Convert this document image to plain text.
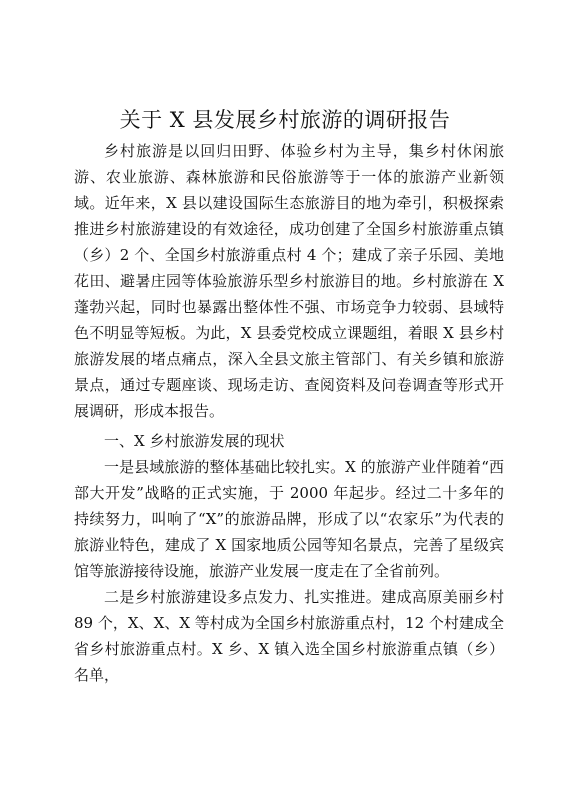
关于 X 县发展乡村旅游的调研报告

乡村旅游是以回归田野、体验乡村为主导，集乡村休闲旅游、农业旅游、森林旅游和民俗旅游等于一体的旅游产业新领域。近年来，X 县以建设国际生态旅游目的地为牵引，积极探索推进乡村旅游建设的有效途径，成功创建了全国乡村旅游重点镇（乡）2 个、全国乡村旅游重点村 4 个；建成了亲子乐园、美地花田、避暑庄园等体验旅游乐型乡村旅游目的地。乡村旅游在 X 蓬勃兴起，同时也暴露出整体性不强、市场竞争力较弱、县域特色不明显等短板。为此，X 县委党校成立课题组，着眼 X 县乡村旅游发展的堵点痛点，深入全县文旅主管部门、有关乡镇和旅游景点，通过专题座谈、现场走访、查阅资料及问卷调查等形式开展调研，形成本报告。

一、X 乡村旅游发展的现状

一是县域旅游的整体基础比较扎实。X 的旅游产业伴随着“西部大开发”战略的正式实施，于 2000 年起步。经过二十多年的持续努力，叫响了“X”的旅游品牌，形成了以“农家乐”为代表的旅游业特色，建成了 X 国家地质公园等知名景点，完善了星级宾馆等旅游接待设施，旅游产业发展一度走在了全省前列。

二是乡村旅游建设多点发力、扎实推进。建成高原美丽乡村 89 个，X、X、X 等村成为全国乡村旅游重点村，12 个村建成全省乡村旅游重点村。X 乡、X 镇入选全国乡村旅游重点镇（乡）名单，
